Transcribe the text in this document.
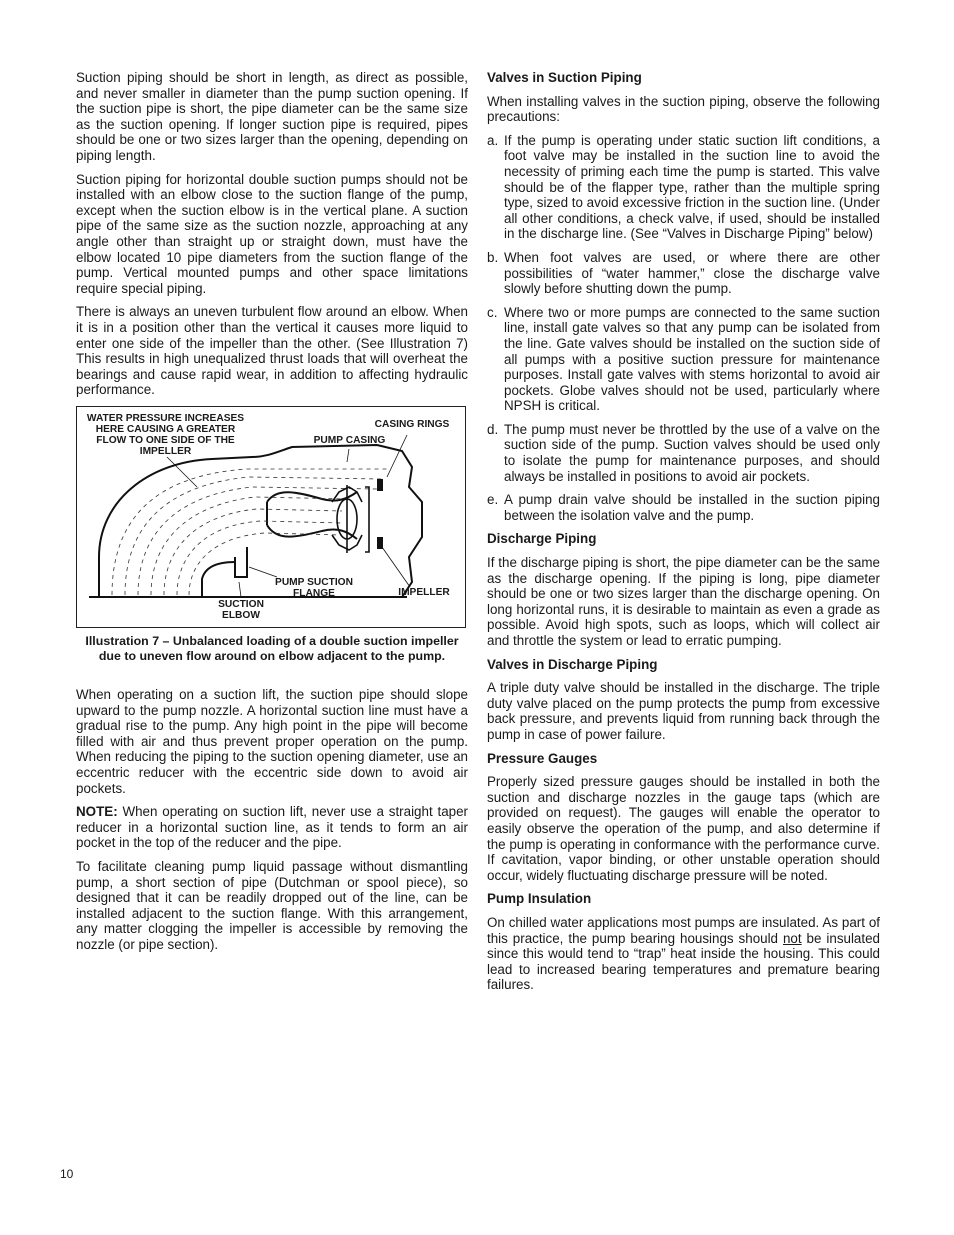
Suction piping should be short in length, as direct as possible, and never smaller in diameter than the pump suction opening. If the suction pipe is short, the pipe diameter can be the same size as the suction opening. If longer suction pipe is required, pipes should be one or two sizes larger than the opening, depending on piping length.

Suction piping for horizontal double suction pumps should not be installed with an elbow close to the suction flange of the pump, except when the suction elbow is in the vertical plane. A suction pipe of the same size as the suction nozzle, approaching at any angle other than straight up or straight down, must have the elbow located 10 pipe diameters from the suction flange of the pump. Vertical mounted pumps and other space limitations require special piping.

There is always an uneven turbulent flow around an elbow. When it is in a position other than the vertical it causes more liquid to enter one side of the impeller than the other. (See Illustration 7) This results in high unequalized thrust loads that will overheat the bearings and cause rapid wear, in addition to affecting hydraulic performance.

WATER PRESSURE INCREASES HERE CAUSING A GREATER FLOW TO ONE SIDE OF THE IMPELLER
CASING RINGS
PUMP CASING
PUMP SUCTION FLANGE	IMPELLER
SUCTION ELBOW
Illustration 7 – Unbalanced loading of a double suction impeller due to uneven flow around on elbow adjacent to the pump.

When operating on a suction lift, the suction pipe should slope upward to the pump nozzle. A horizontal suction line must have a gradual rise to the pump. Any high point in the pipe will become filled with air and thus prevent proper operation on the pump. When reducing the piping to the suction opening diameter, use an eccentric reducer with the eccentric side down to avoid air pockets.

NOTE: When operating on suction lift, never use a straight taper reducer in a horizontal suction line, as it tends to form an air pocket in the top of the reducer and the pipe.

To facilitate cleaning pump liquid passage without dismantling pump, a short section of pipe (Dutchman or spool piece), so designed that it can be readily dropped out of the line, can be installed adjacent to the suction flange. With this arrangement, any matter clogging the impeller is accessible by removing the nozzle (or pipe section).

Valves in Suction Piping

When installing valves in the suction piping, observe the following precautions:

a. If the pump is operating under static suction lift conditions, a foot valve may be installed in the suction line to avoid the necessity of priming each time the pump is started. This valve should be of the flapper type, rather than the multiple spring type, sized to avoid excessive friction in the suction line. (Under all other conditions, a check valve, if used, should be installed in the discharge line. (See “Valves in Discharge Piping” below)
b. When foot valves are used, or where there are other possibilities of “water hammer,” close the discharge valve slowly before shutting down the pump.
c. Where two or more pumps are connected to the same suction line, install gate valves so that any pump can be isolated from the line. Gate valves should be installed on the suction side of all pumps with a positive suction pressure for maintenance purposes. Install gate valves with stems horizontal to avoid air pockets. Globe valves should not be used, particularly where NPSH is critical.
d. The pump must never be throttled by the use of a valve on the suction side of the pump. Suction valves should be used only to isolate the pump for maintenance purposes, and should always be installed in positions to avoid air pockets.
e. A pump drain valve should be installed in the suction piping between the isolation valve and the pump.
Discharge Piping

If the discharge piping is short, the pipe diameter can be the same as the discharge opening. If the piping is long, pipe diameter should be one or two sizes larger than the discharge opening. On long horizontal runs, it is desirable to maintain as even a grade as possible. Avoid high spots, such as loops, which will collect air and throttle the system or lead to erratic pumping.

Valves in Discharge Piping

A triple duty valve should be installed in the discharge. The triple duty valve placed on the pump protects the pump from excessive back pressure, and prevents liquid from running back through the pump in case of power failure.

Pressure Gauges

Properly sized pressure gauges should be installed in both the suction and discharge nozzles in the gauge taps (which are provided on request). The gauges will enable the operator to easily observe the operation of the pump, and also determine if the pump is operating in conformance with the performance curve. If cavitation, vapor binding, or other unstable operation should occur, widely fluctuating discharge pressure will be noted.

Pump Insulation

On chilled water applications most pumps are insulated. As part of this practice, the pump bearing housings should not be insulated since this would tend to “trap” heat inside the housing. This could lead to increased bearing temperatures and premature bearing failures.

10
